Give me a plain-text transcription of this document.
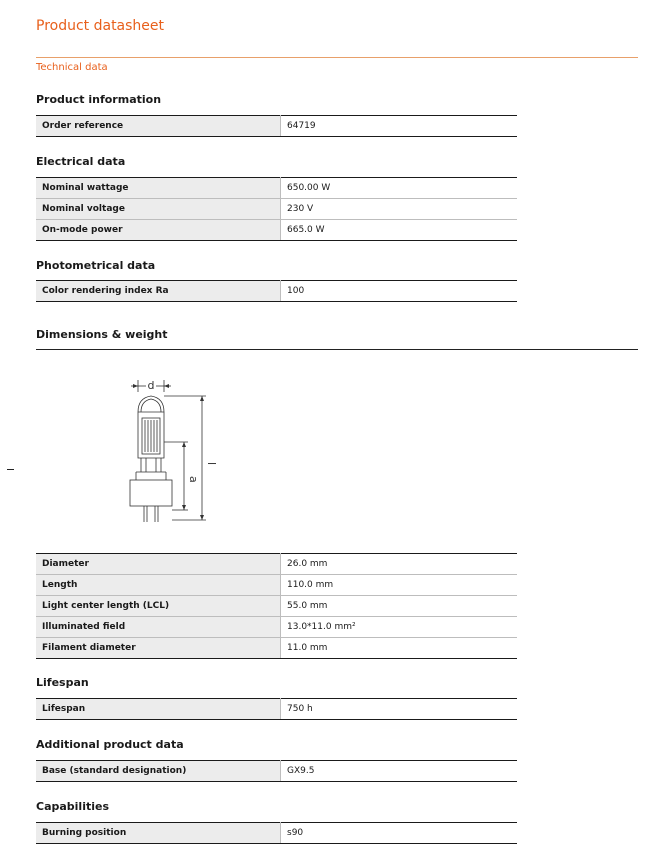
Product datasheet
Technical data
Product information
Order reference	64719
Electrical data
Nominal wattage	650.00 W
Nominal voltage	230 V
On-mode power	665.0 W
Photometrical data
Color rendering index Ra	100
Dimensions & weight
d
a
l
Diameter	26.0 mm
Length	110.0 mm
Light center length (LCL)	55.0 mm
Illuminated field	13.0*11.0 mm²
Filament diameter	11.0 mm
Lifespan
Lifespan	750 h
Additional product data
Base (standard designation)	GX9.5
Capabilities
Burning position	s90
